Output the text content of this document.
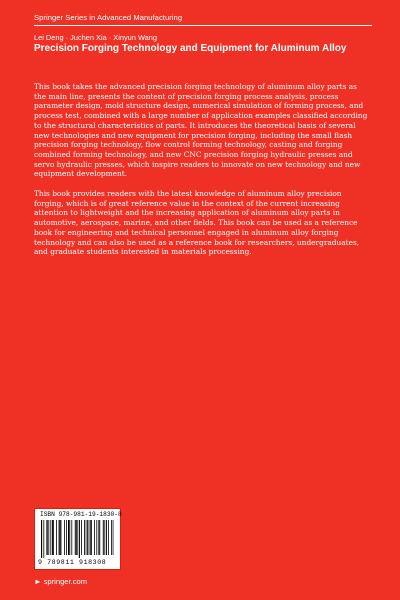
Springer Series in Advanced Manufacturing
Lei Deng · Juchen Xia · Xinyun Wang
Precision Forging Technology and Equipment for Aluminum Alloy

This book takes the advanced precision forging technology of aluminum alloy parts as the main line, presents the content of precision forging process analysis, process parameter design, mold structure design, numerical simulation of forming process, and process test, combined with a large number of application examples classified according to the structural characteristics of parts. It introduces the theoretical basis of several new technologies and new equipment for precision forging, including the small flash precision forging technology, flow control forming technology, casting and forging combined forming technology, and new CNC precision forging hydraulic presses and servo hydraulic presses, which inspire readers to innovate on new technology and new equipment development.

This book provides readers with the latest knowledge of aluminum alloy precision forging, which is of great reference value in the context of the current increasing attention to lightweight and the increasing application of aluminum alloy parts in automotive, aerospace, marine, and other fields. This book can be used as a reference book for engineering and technical personnel engaged in aluminum alloy forging technology and can also be used as a reference book for researchers, undergraduates, and graduate students interested in materials processing.

ISBN 978-981-19-1830-8
9 789811 918308
► springer.com
